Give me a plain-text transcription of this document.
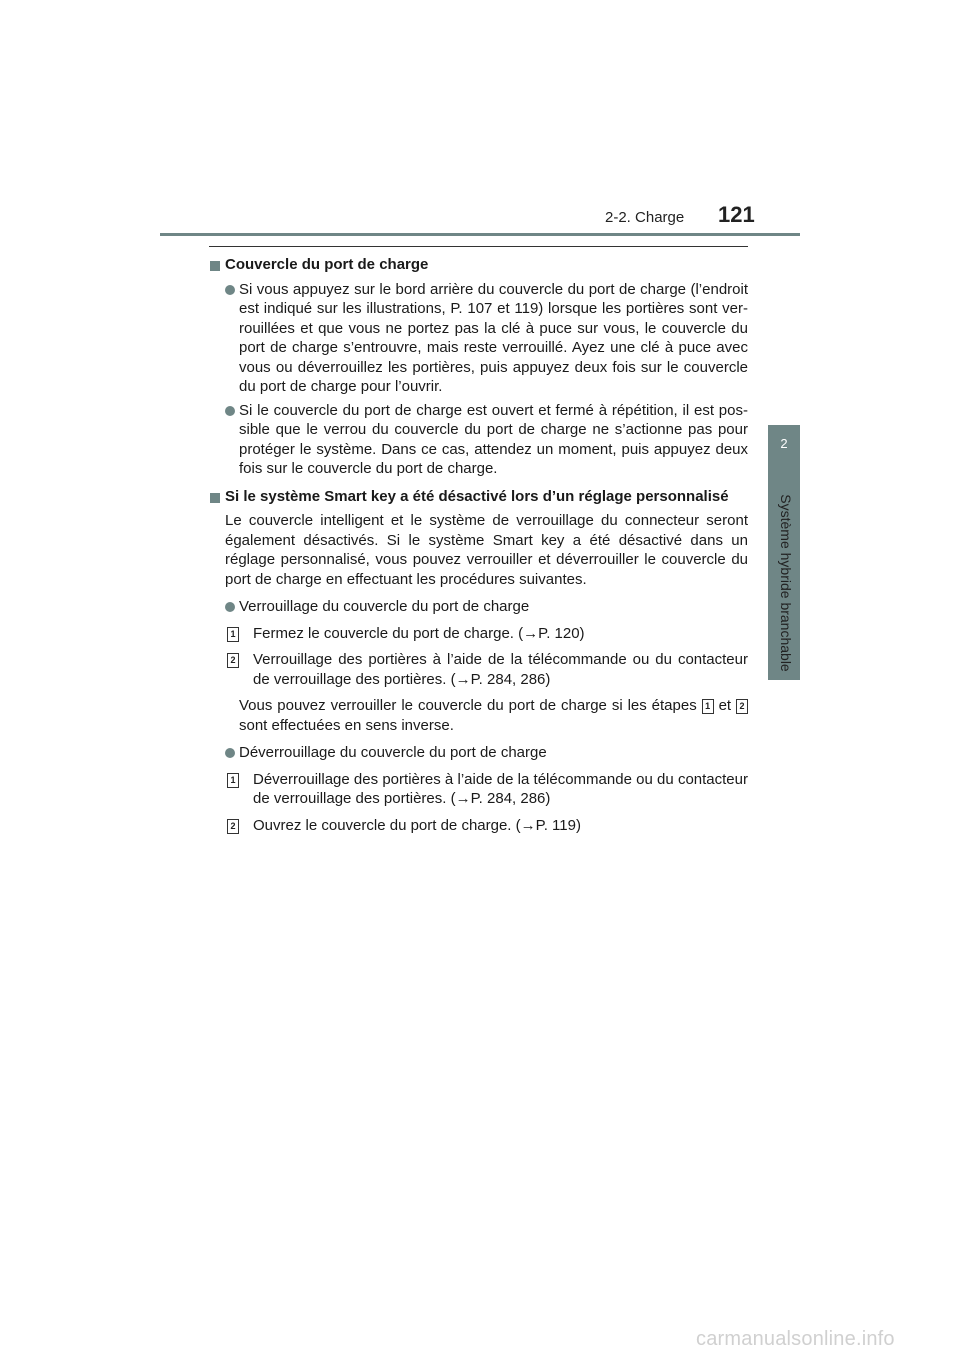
2-2. Charge 121
2
Système hybride branchable
Couvercle du port de charge
Si vous appuyez sur le bord arrière du couvercle du port de charge (l’endroit est indiqué sur les illustrations, P. 107 et 119) lorsque les portières sont verrouillées et que vous ne portez pas la clé à puce sur vous, le couvercle du port de charge s’entrouvre, mais reste verrouillé. Ayez une clé à puce avec vous ou déverrouillez les portières, puis appuyez deux fois sur le couvercle du port de charge pour l’ouvrir.
Si le couvercle du port de charge est ouvert et fermé à répétition, il est possible que le verrou du couvercle du port de charge ne s’actionne pas pour protéger le système. Dans ce cas, attendez un moment, puis appuyez deux fois sur le couvercle du port de charge.
Si le système Smart key a été désactivé lors d’un réglage personnalisé
Le couvercle intelligent et le système de verrouillage du connecteur seront également désactivés. Si le système Smart key a été désactivé dans un réglage personnalisé, vous pouvez verrouiller et déverrouiller le couvercle du port de charge en effectuant les procédures suivantes.
Verrouillage du couvercle du port de charge
1 Fermez le couvercle du port de charge. (→P. 120)
2 Verrouillage des portières à l’aide de la télécommande ou du contacteur de verrouillage des portières. (→P. 284, 286)
Vous pouvez verrouiller le couvercle du port de charge si les étapes 1 et 2 sont effectuées en sens inverse.
Déverrouillage du couvercle du port de charge
1 Déverrouillage des portières à l’aide de la télécommande ou du contacteur de verrouillage des portières. (→P. 284, 286)
2 Ouvrez le couvercle du port de charge. (→P. 119)
carmanualsonline.info
